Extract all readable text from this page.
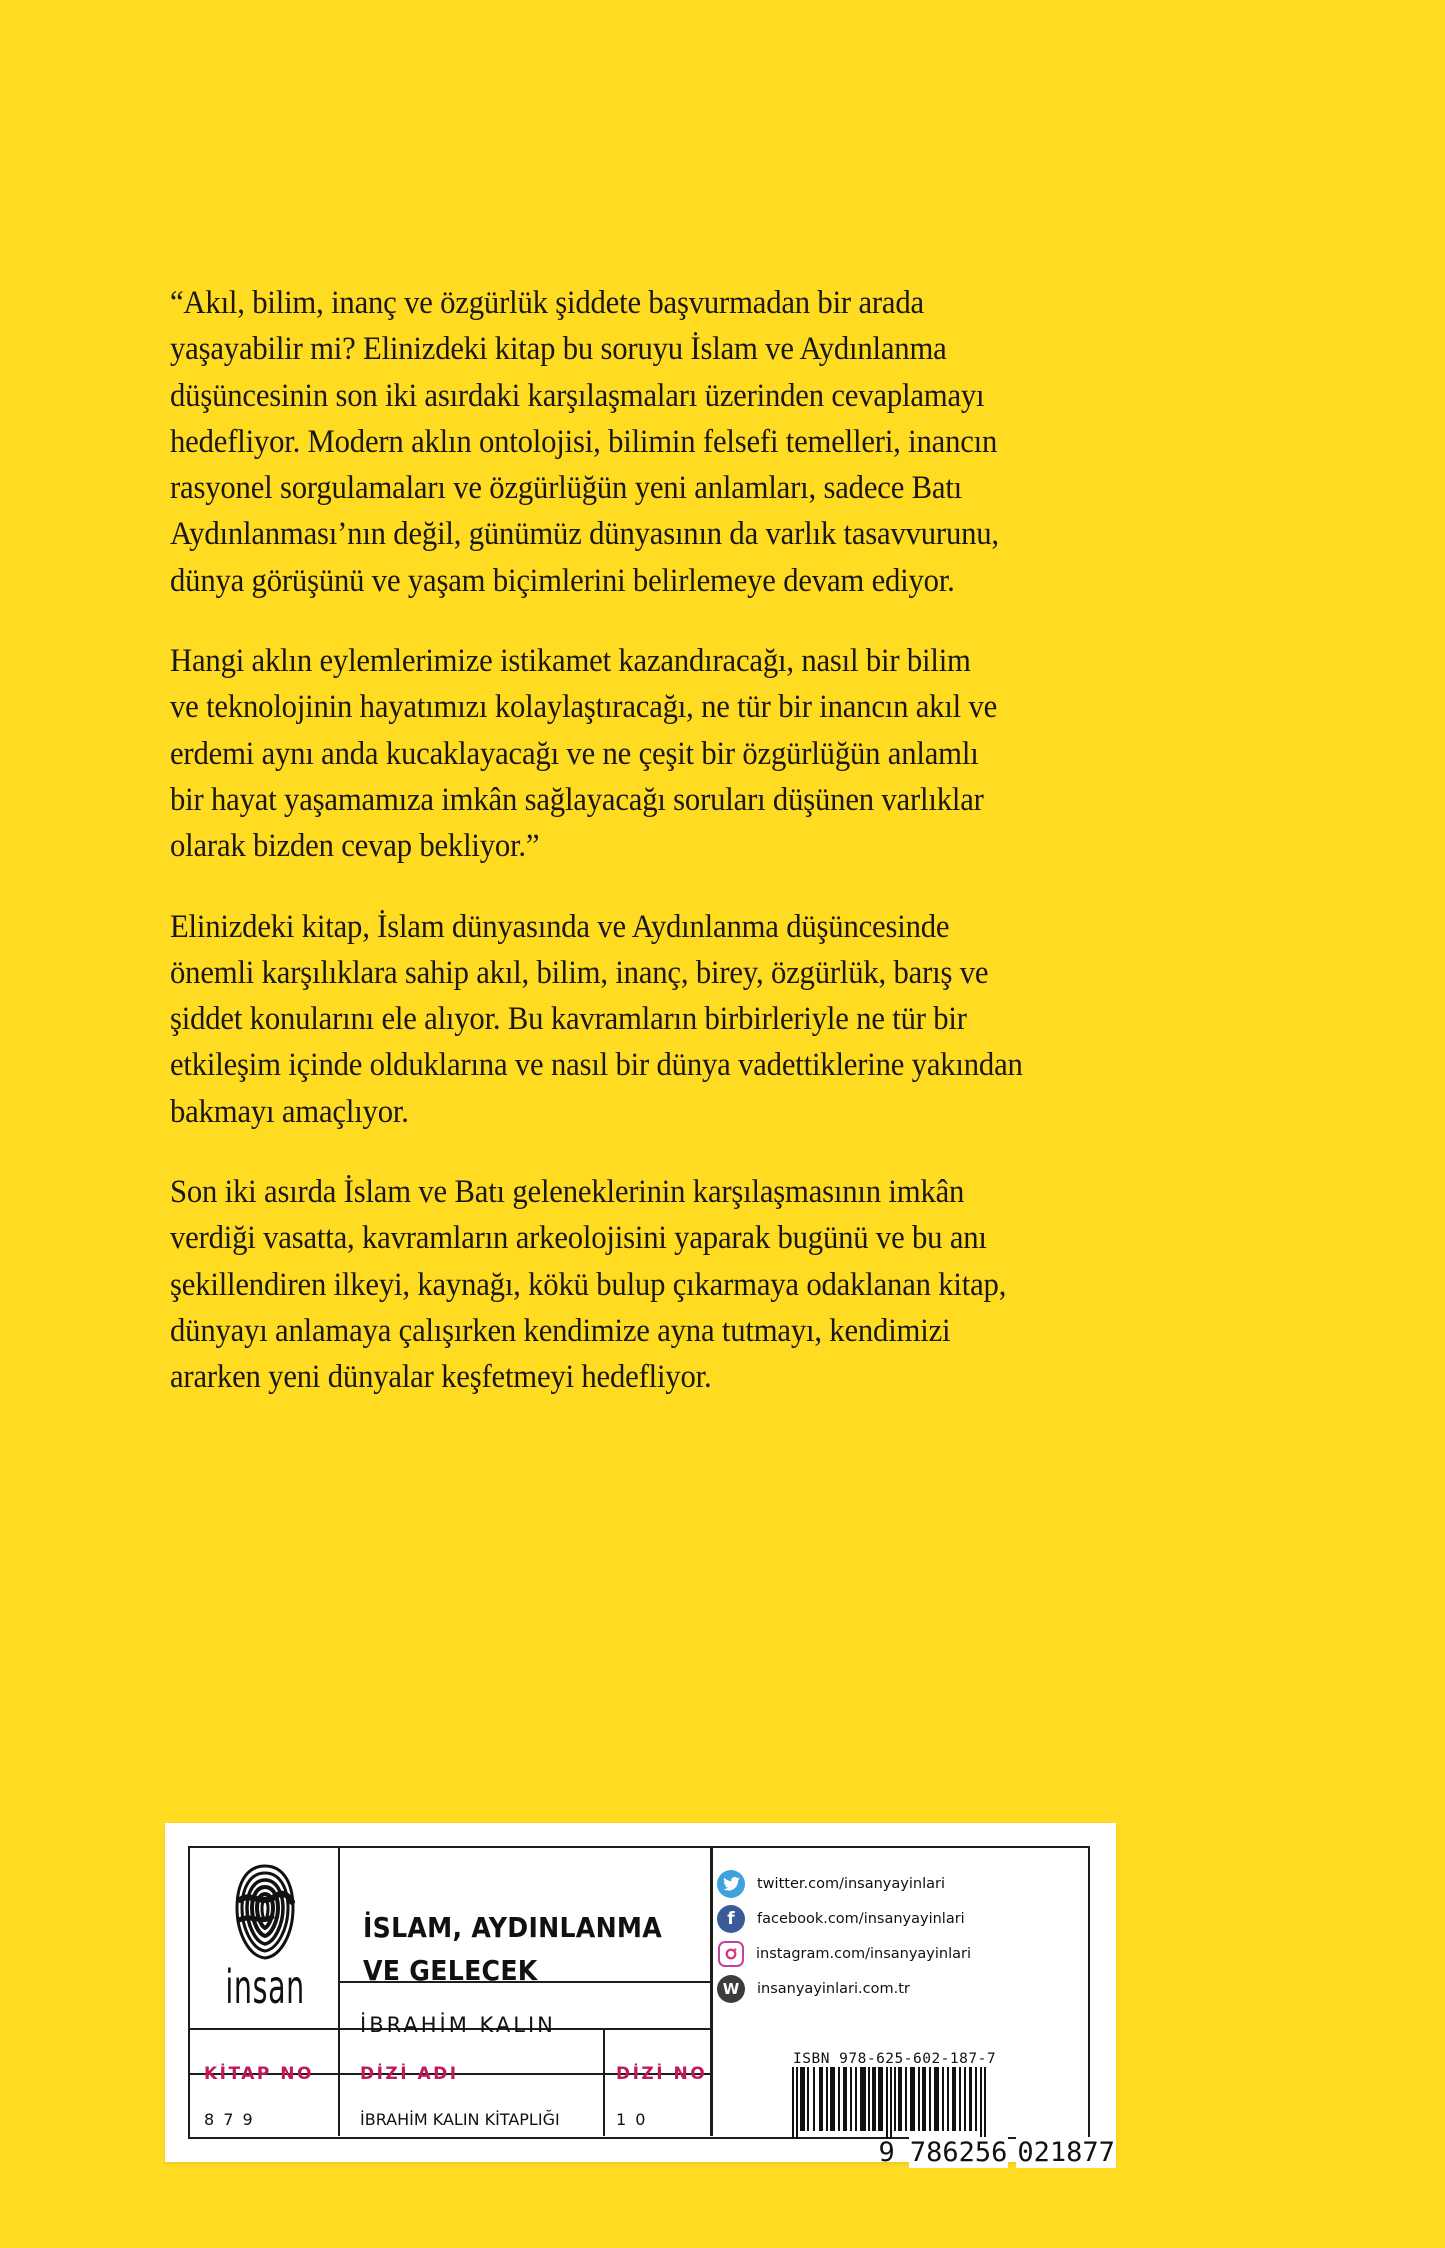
“Akıl, bilim, inanç ve özgürlük şiddete başvurmadan bir arada
yaşayabilir mi? Elinizdeki kitap bu soruyu İslam ve Aydınlanma
düşüncesinin son iki asırdaki karşılaşmaları üzerinden cevaplamayı
hedefliyor. Modern aklın ontolojisi, bilimin felsefi temelleri, inancın
rasyonel sorgulamaları ve özgürlüğün yeni anlamları, sadece Batı
Aydınlanması’nın değil, günümüz dünyasının da varlık tasavvurunu,
dünya görüşünü ve yaşam biçimlerini belirlemeye devam ediyor.

Hangi aklın eylemlerimize istikamet kazandıracağı, nasıl bir bilim
ve teknolojinin hayatımızı kolaylaştıracağı, ne tür bir inancın akıl ve
erdemi aynı anda kucaklayacağı ve ne çeşit bir özgürlüğün anlamlı
bir hayat yaşamamıza imkân sağlayacağı soruları düşünen varlıklar
olarak bizden cevap bekliyor.”

Elinizdeki kitap, İslam dünyasında ve Aydınlanma düşüncesinde
önemli karşılıklara sahip akıl, bilim, inanç, birey, özgürlük, barış ve
şiddet konularını ele alıyor. Bu kavramların birbirleriyle ne tür bir
etkileşim içinde olduklarına ve nasıl bir dünya vadettiklerine yakından
bakmayı amaçlıyor.

Son iki asırda İslam ve Batı geleneklerinin karşılaşmasının imkân
verdiği vasatta, kavramların arkeolojisini yaparak bugünü ve bu anı
şekillendiren ilkeyi, kaynağı, kökü bulup çıkarmaya odaklanan kitap,
dünyayı anlamaya çalışırken kendimize ayna tutmayı, kendimizi
ararken yeni dünyalar keşfetmeyi hedefliyor.

insan
İSLAM, AYDINLANMA
VE GELECEK
İBRAHİM KALIN
KİTAP NO	DİZİ ADI	DİZİ NO
8 7 9	İBRAHİM KALIN KİTAPLIĞI	1 0
twitter.com/insanyayinlari
f	facebook.com/insanyayinlari
instagram.com/insanyayinlari
W	insanyayinlari.com.tr
ISBN 978-625-602-187-7

9 786256 021877
